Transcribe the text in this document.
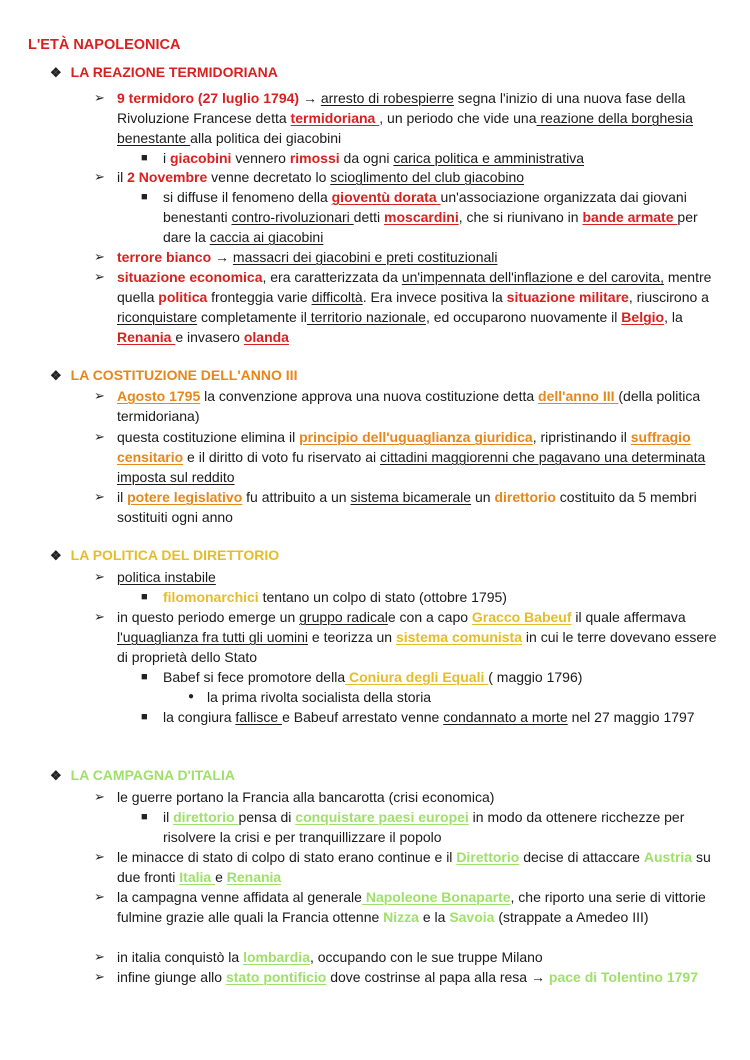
L'ETÀ NAPOLEONICA
❖ LA REAZIONE TERMIDORIANA
➢ 9 termidoro (27 luglio 1794) → arresto di robespierre segna l'inizio di una nuova fase della Rivoluzione Francese detta termidoriana , un periodo che vide una reazione della borghesia benestante alla politica dei giacobini
■ i giacobini vennero rimossi da ogni carica politica e amministrativa
➢ il 2 Novembre venne decretato lo scioglimento del club giacobino
■ si diffuse il fenomeno della gioventù dorata un'associazione organizzata dai giovani benestanti contro-rivoluzionari detti moscardini, che si riunivano in bande armate per dare la caccia ai giacobini
➢ terrore bianco → massacri dei giacobini e preti costituzionali
➢ situazione economica, era caratterizzata da un'impennata dell'inflazione e del carovita, mentre quella politica fronteggia varie difficoltà. Era invece positiva la situazione militare, riuscirono a riconquistare completamente il territorio nazionale, ed occuparono nuovamente il Belgio, la Renania e invasero olanda
❖ LA COSTITUZIONE DELL'ANNO III
➢ Agosto 1795 la convenzione approva una nuova costituzione detta dell'anno III (della politica termidoriana)
➢ questa costituzione elimina il principio dell'uguaglianza giuridica, ripristinando il suffragio censitario e il diritto di voto fu riservato ai cittadini maggiorenni che pagavano una determinata imposta sul reddito
➢ il potere legislativo fu attribuito a un sistema bicamerale un direttorio costituito da 5 membri sostituiti ogni anno
❖ LA POLITICA DEL DIRETTORIO
➢ politica instabile
■ filomonarchici tentano un colpo di stato (ottobre 1795)
➢ in questo periodo emerge un gruppo radicale con a capo Gracco Babeuf il quale affermava l'uguaglianza fra tutti gli uomini e teorizza un sistema comunista in cui le terre dovevano essere di proprietà dello Stato
■ Babef si fece promotore della Coniura degli Equali ( maggio 1796)
● la prima rivolta socialista della storia
■ la congiura fallisce e Babeuf arrestato venne condannato a morte nel 27 maggio 1797
❖ LA CAMPAGNA D'ITALIA
➢ le guerre portano la Francia alla bancarotta (crisi economica)
■ il direttorio pensa di conquistare paesi europei in modo da ottenere ricchezze per risolvere la crisi e per tranquillizzare il popolo
➢ le minacce di stato di colpo di stato erano continue e il Direttorio decise di attaccare Austria su due fronti Italia e Renania
➢ la campagna venne affidata al generale Napoleone Bonaparte, che riporto una serie di vittorie fulmine grazie alle quali la Francia ottenne Nizza e la Savoia (strappate a Amedeo III)
➢ in italia conquistò la lombardia, occupando con le sue truppe Milano
➢ infine giunge allo stato pontificio dove costrinse al papa alla resa → pace di Tolentino 1797
